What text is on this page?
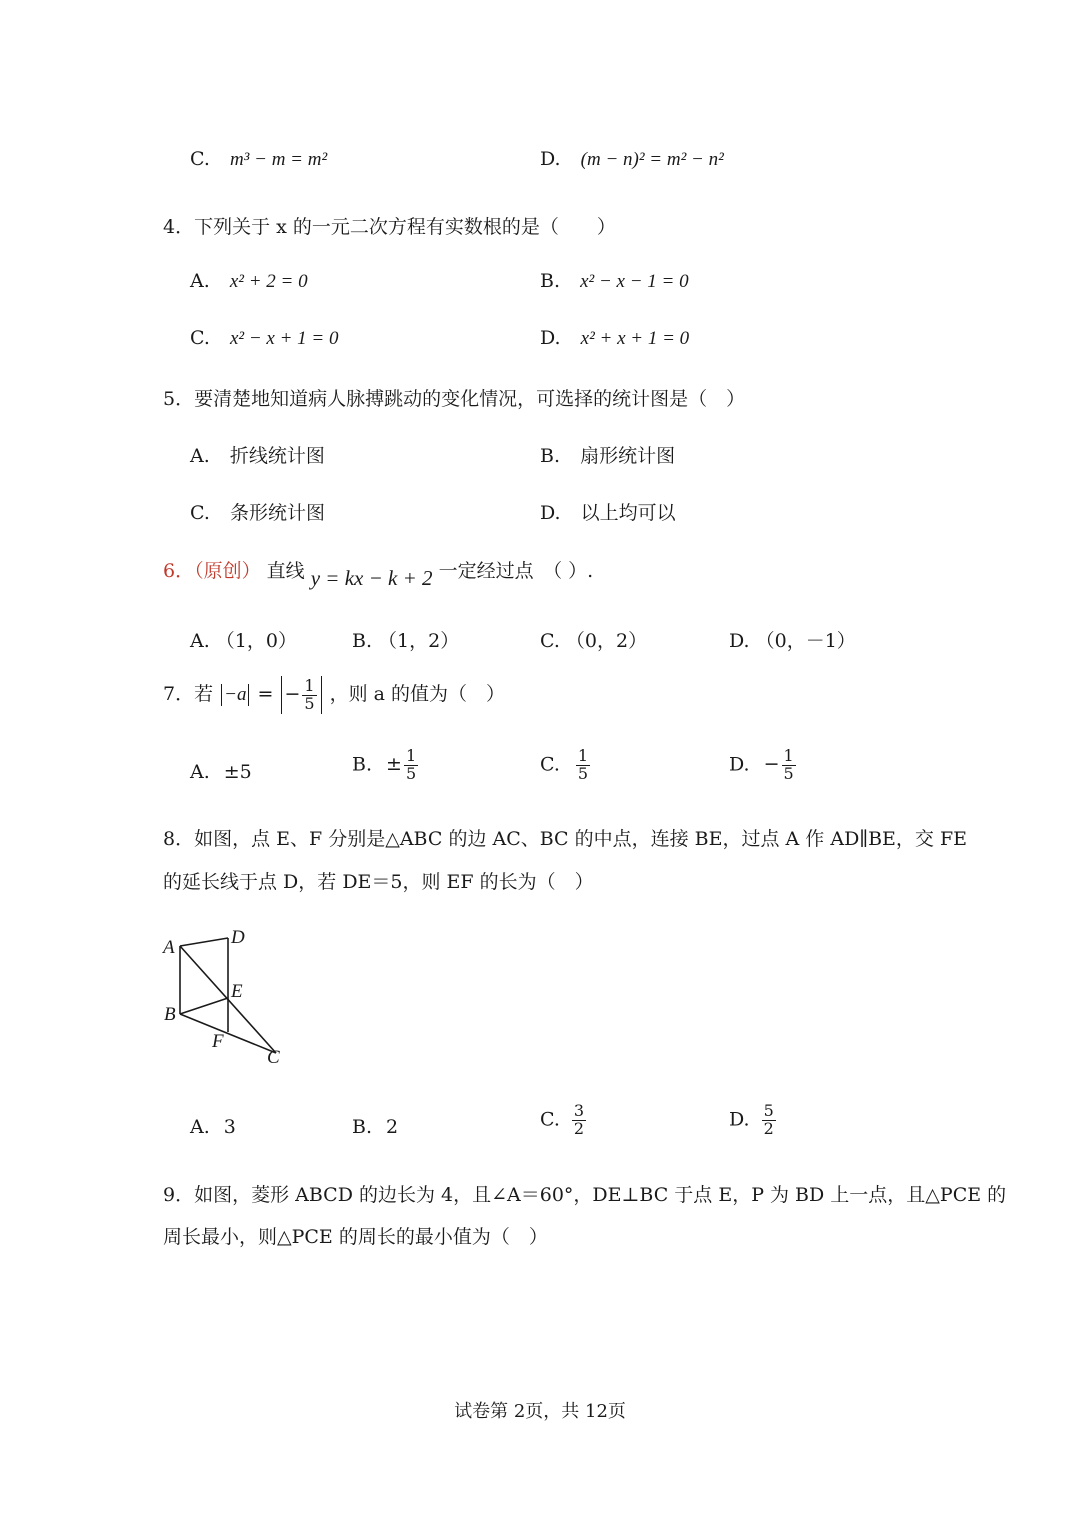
C. m³ − m = m²	D. (m − n)² = m² − n²
4．下列关于 x 的一元二次方程有实数根的是（　　）
A. x² + 2 = 0	B. x² − x − 1 = 0
C. x² − x + 1 = 0	D. x² + x + 1 = 0
5．要清楚地知道病人脉搏跳动的变化情况，可选择的统计图是（　）
A. 折线统计图	B. 扇形统计图
C. 条形统计图	D. 以上均可以
6．（原创） 直线 y = kx − k + 2 一定经过点　（ ）.
A. （1，0）	B. （1，2）	C. （0，2）	D. （0，－1）
7．若 −a = − $\frac{1}{5}$ ，则 a 的值为（　）
A. ±5	B. ± $\frac{1}{5}$	C. $\frac{1}{5}$	D. − $\frac{1}{5}$
8．如图，点 E、F 分别是△ABC 的边 AC、BC 的中点，连接 BE，过点 A 作 AD∥BE，交 FE
的延长线于点 D，若 DE＝5，则 EF 的长为（　）
A	D
E
B
F
C
A. 3	B. 2	C. $\frac{3}{2}$	D. $\frac{5}{2}$
9．如图，菱形 ABCD 的边长为 4，且∠A＝60°，DE⊥BC 于点 E，P 为 BD 上一点，且△PCE 的
周长最小，则△PCE 的周长的最小值为（　）
试卷第 2页，共 12页
